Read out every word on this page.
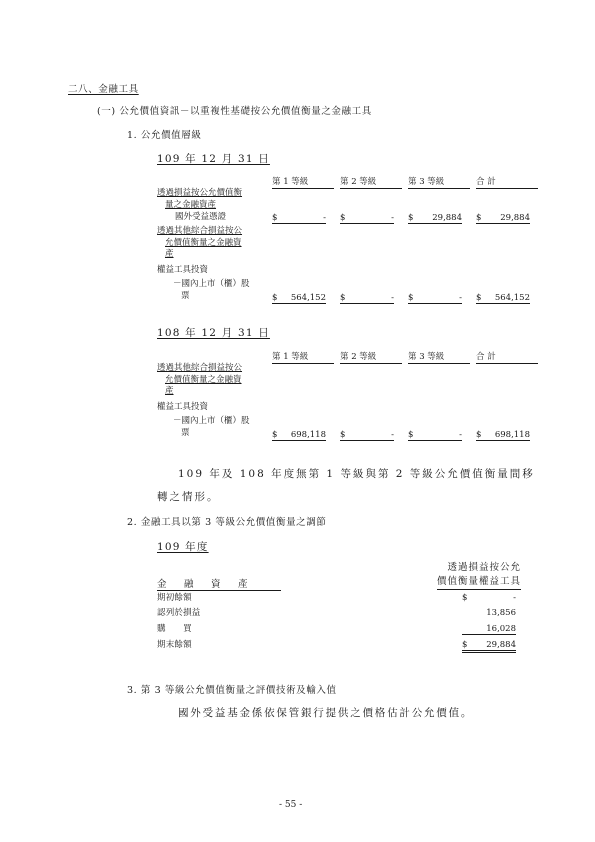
二八、金融工具
(一) 公允價值資訊－以重複性基礎按公允價值衡量之金融工具
1. 公允價值層級
109 年 12 月 31 日
第 1 等級	第 2 等級	第 3 等級	合 計
透過損益按公允價值衡
量之金融資產
國外受益憑證	$	- $	- $ 29,884 $ 29,884
透過其他綜合損益按公
允價值衡量之金融資
產
權益工具投資
－國內上市（櫃）股
票	$ 564,152 $	- $	- $ 564,152
108 年 12 月 31 日
第 1 等級	第 2 等級	第 3 等級	合 計
透過其他綜合損益按公
允價值衡量之金融資
產
權益工具投資
－國內上市（櫃）股
票	$ 698,118 $	- $	- $ 698,118
109 年及 108 年度無第 1 等級與第 2 等級公允價值衡量間移
轉之情形。
2. 金融工具以第 3 等級公允價值衡量之調節
109 年度
透過損益按公允
價值衡量權益工具
金　融　資　產
期初餘額	$	-
認列於損益	13,856
購　　買	16,028
期末餘額	$ 29,884
3. 第 3 等級公允價值衡量之評價技術及輸入值
國外受益基金係依保管銀行提供之價格估計公允價值。
- 55 -
